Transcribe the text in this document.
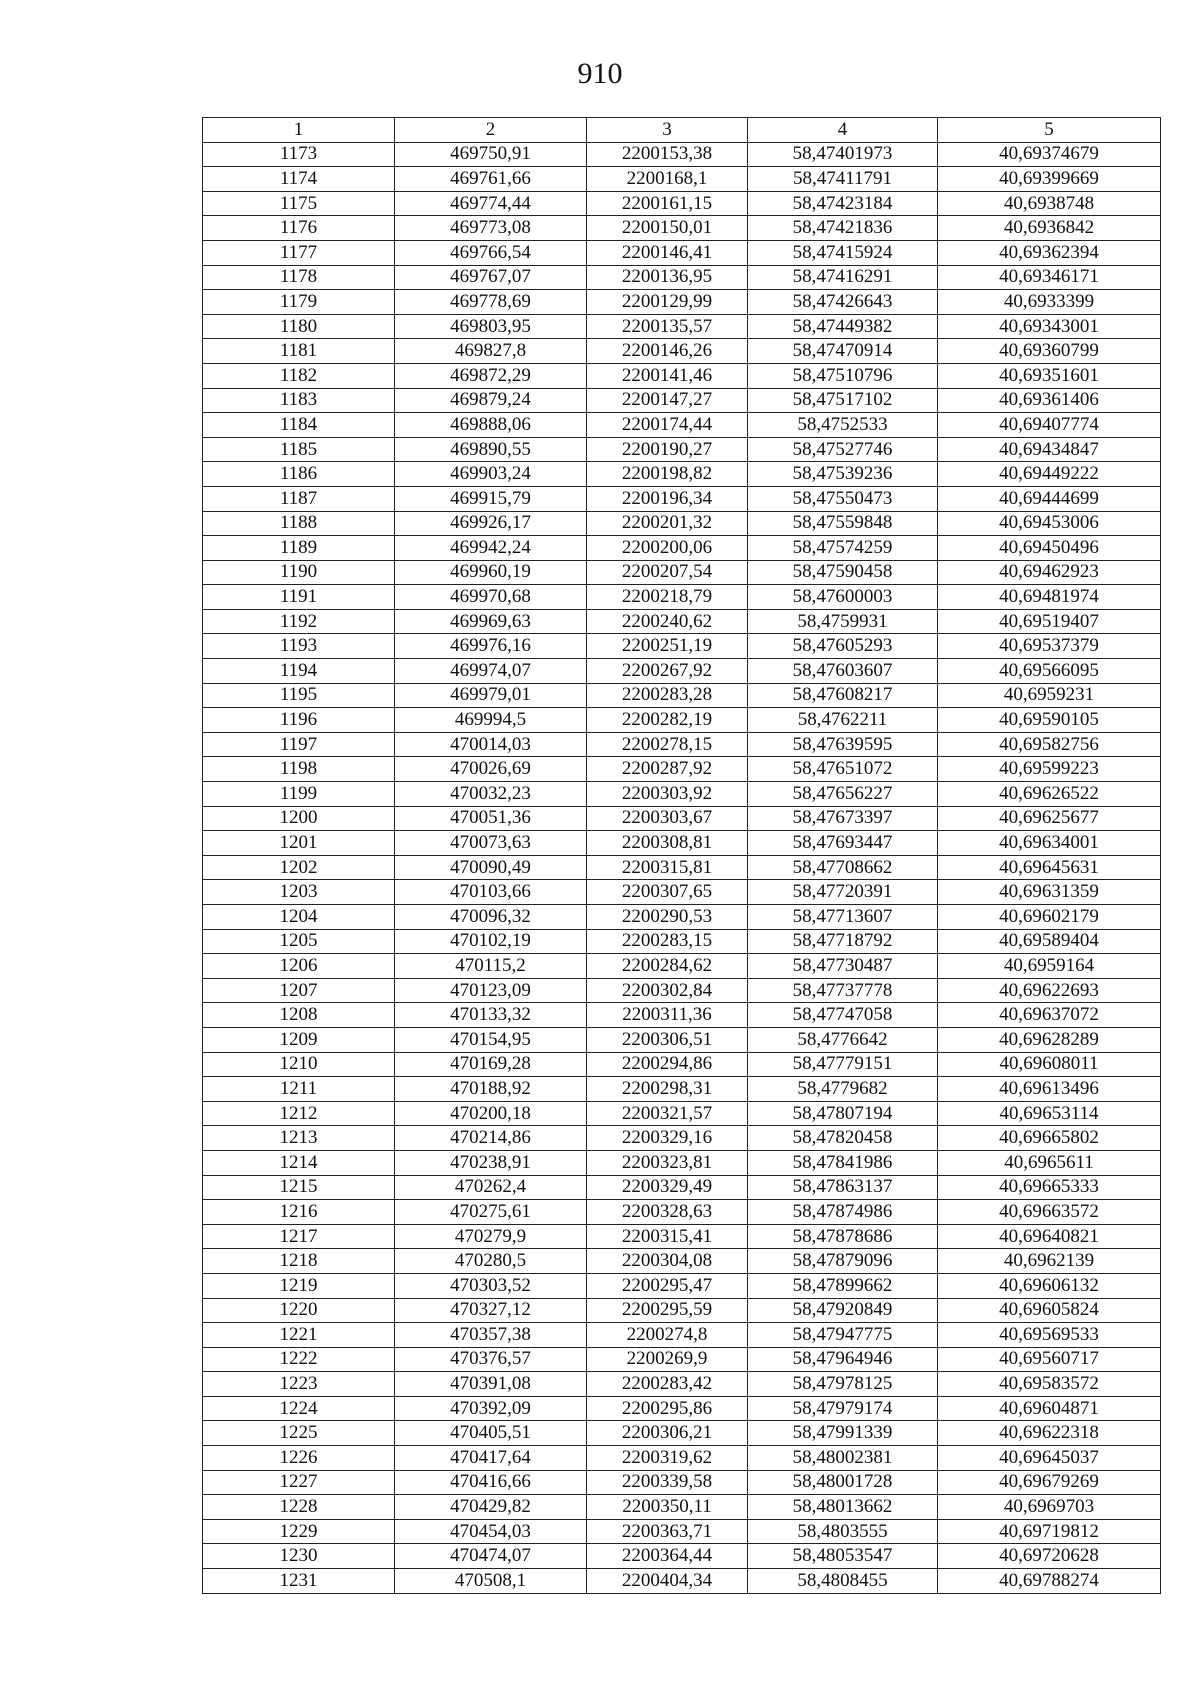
910
1	2	3	4	5
1173	469750,91	2200153,38	58,47401973	40,69374679
1174	469761,66	2200168,1	58,47411791	40,69399669
1175	469774,44	2200161,15	58,47423184	40,6938748
1176	469773,08	2200150,01	58,47421836	40,6936842
1177	469766,54	2200146,41	58,47415924	40,69362394
1178	469767,07	2200136,95	58,47416291	40,69346171
1179	469778,69	2200129,99	58,47426643	40,6933399
1180	469803,95	2200135,57	58,47449382	40,69343001
1181	469827,8	2200146,26	58,47470914	40,69360799
1182	469872,29	2200141,46	58,47510796	40,69351601
1183	469879,24	2200147,27	58,47517102	40,69361406
1184	469888,06	2200174,44	58,4752533	40,69407774
1185	469890,55	2200190,27	58,47527746	40,69434847
1186	469903,24	2200198,82	58,47539236	40,69449222
1187	469915,79	2200196,34	58,47550473	40,69444699
1188	469926,17	2200201,32	58,47559848	40,69453006
1189	469942,24	2200200,06	58,47574259	40,69450496
1190	469960,19	2200207,54	58,47590458	40,69462923
1191	469970,68	2200218,79	58,47600003	40,69481974
1192	469969,63	2200240,62	58,4759931	40,69519407
1193	469976,16	2200251,19	58,47605293	40,69537379
1194	469974,07	2200267,92	58,47603607	40,69566095
1195	469979,01	2200283,28	58,47608217	40,6959231
1196	469994,5	2200282,19	58,4762211	40,69590105
1197	470014,03	2200278,15	58,47639595	40,69582756
1198	470026,69	2200287,92	58,47651072	40,69599223
1199	470032,23	2200303,92	58,47656227	40,69626522
1200	470051,36	2200303,67	58,47673397	40,69625677
1201	470073,63	2200308,81	58,47693447	40,69634001
1202	470090,49	2200315,81	58,47708662	40,69645631
1203	470103,66	2200307,65	58,47720391	40,69631359
1204	470096,32	2200290,53	58,47713607	40,69602179
1205	470102,19	2200283,15	58,47718792	40,69589404
1206	470115,2	2200284,62	58,47730487	40,6959164
1207	470123,09	2200302,84	58,47737778	40,69622693
1208	470133,32	2200311,36	58,47747058	40,69637072
1209	470154,95	2200306,51	58,4776642	40,69628289
1210	470169,28	2200294,86	58,47779151	40,69608011
1211	470188,92	2200298,31	58,4779682	40,69613496
1212	470200,18	2200321,57	58,47807194	40,69653114
1213	470214,86	2200329,16	58,47820458	40,69665802
1214	470238,91	2200323,81	58,47841986	40,6965611
1215	470262,4	2200329,49	58,47863137	40,69665333
1216	470275,61	2200328,63	58,47874986	40,69663572
1217	470279,9	2200315,41	58,47878686	40,69640821
1218	470280,5	2200304,08	58,47879096	40,6962139
1219	470303,52	2200295,47	58,47899662	40,69606132
1220	470327,12	2200295,59	58,47920849	40,69605824
1221	470357,38	2200274,8	58,47947775	40,69569533
1222	470376,57	2200269,9	58,47964946	40,69560717
1223	470391,08	2200283,42	58,47978125	40,69583572
1224	470392,09	2200295,86	58,47979174	40,69604871
1225	470405,51	2200306,21	58,47991339	40,69622318
1226	470417,64	2200319,62	58,48002381	40,69645037
1227	470416,66	2200339,58	58,48001728	40,69679269
1228	470429,82	2200350,11	58,48013662	40,6969703
1229	470454,03	2200363,71	58,4803555	40,69719812
1230	470474,07	2200364,44	58,48053547	40,69720628
1231	470508,1	2200404,34	58,4808455	40,69788274
